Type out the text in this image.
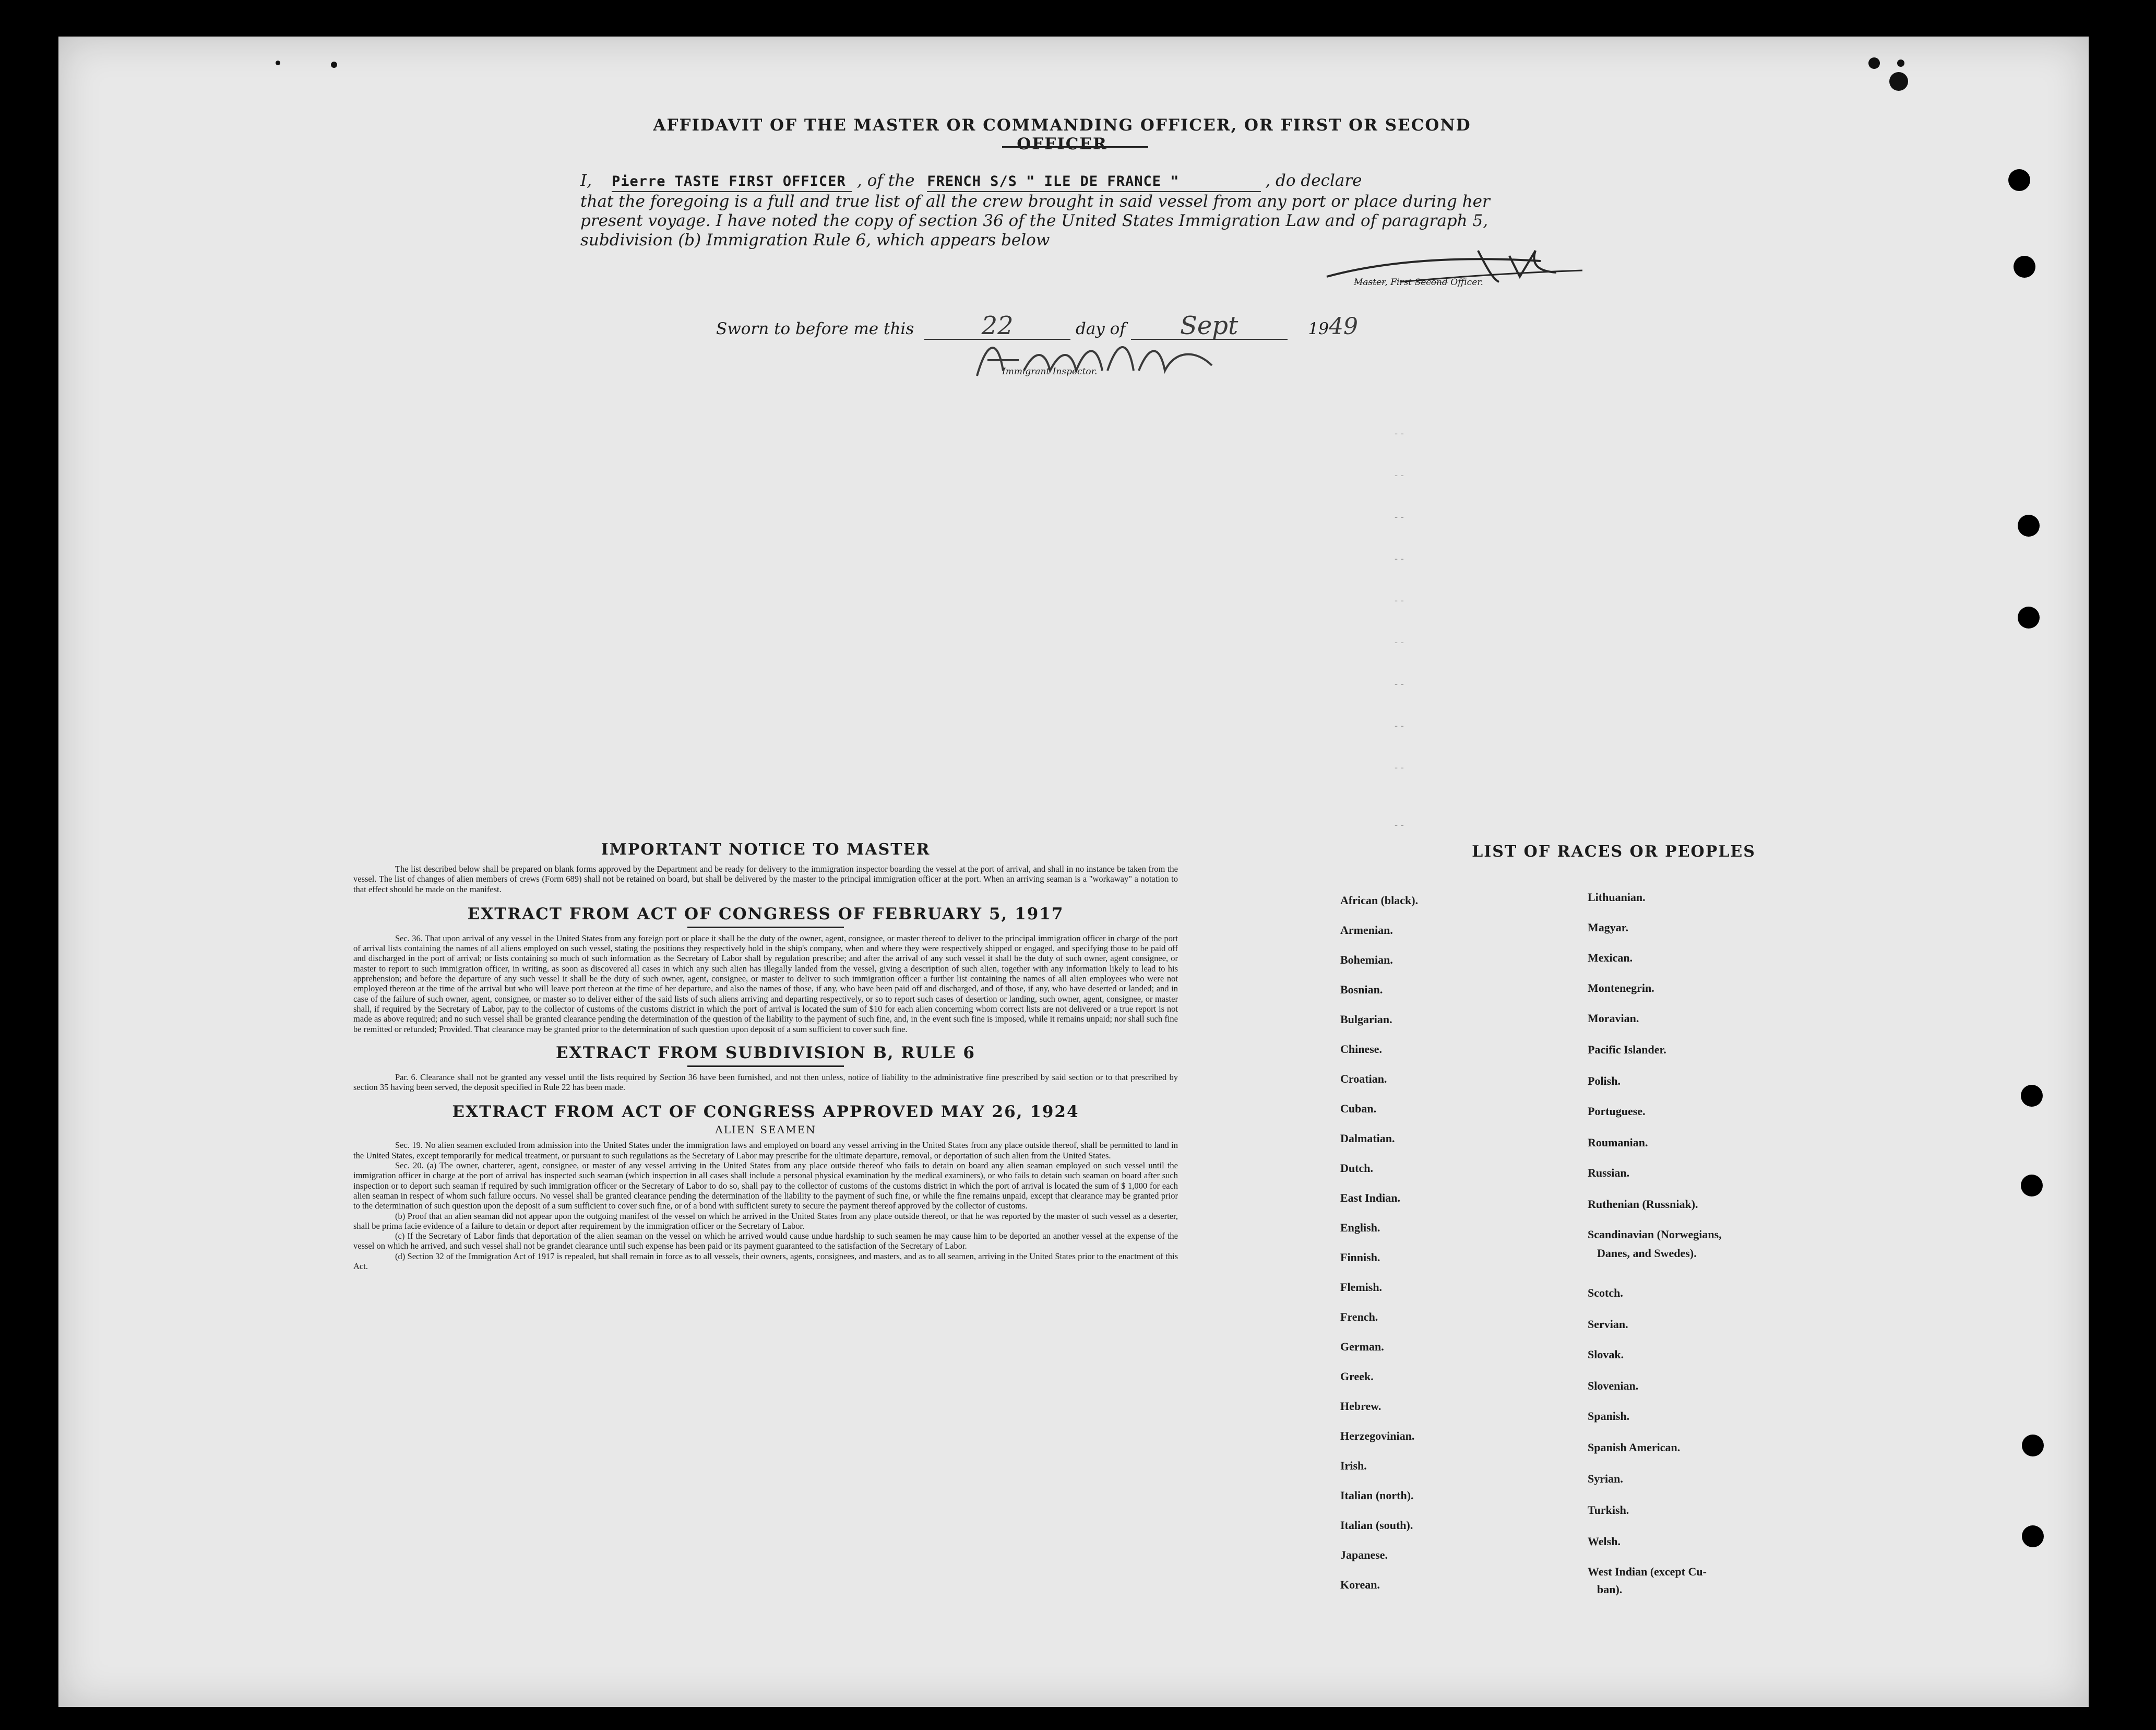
- -
- -
- -
- -
- -
- -
- -
- -
- -
- -
AFFIDAVIT OF THE MASTER OR COMMANDING OFFICER, OR FIRST OR SECOND OFFICER
I, Pierre TASTE FIRST OFFICER , of the FRENCH S/S " ILE DE FRANCE "	, do declare
that the foregoing is a full and true list of all the crew brought in said vessel from any port or place during her
present voyage. I have noted the copy of section 36 of the United States Immigration Law and of paragraph 5,
subdivision (b) Immigration Rule 6, which appears below
Master, First Second Officer.
Sworn to before me this	22	day of Sept	1949
Immigrant Inspector.
IMPORTANT NOTICE TO MASTER
The list described below shall be prepared on blank forms approved by the Department and be ready for delivery to the immigration inspector boarding the vessel at the port of arrival, and shall in no instance be taken from the vessel. The list of changes of alien members of crews (Form 689) shall not be retained on board, but shall be delivered by the master to the principal immigration officer at the port. When an arriving seaman is a "workaway" a notation to that effect should be made on the manifest.
EXTRACT FROM ACT OF CONGRESS OF FEBRUARY 5, 1917
Sec. 36. That upon arrival of any vessel in the United States from any foreign port or place it shall be the duty of the owner, agent, consignee, or master thereof to deliver to the principal immigration officer in charge of the port of arrival lists containing the names of all aliens employed on such vessel, stating the positions they respectively hold in the ship's company, when and where they were respectively shipped or engaged, and specifying those to be paid off and discharged in the port of arrival; or lists containing so much of such information as the Secretary of Labor shall by regulation prescribe; and after the arrival of any such vessel it shall be the duty of such owner, agent consignee, or master to report to such immigration officer, in writing, as soon as discovered all cases in which any such alien has illegally landed from the vessel, giving a description of such alien, together with any information likely to lead to his apprehension; and before the departure of any such vessel it shall be the duty of such owner, agent, consignee, or master to deliver to such immigration officer a further list containing the names of all alien employees who were not employed thereon at the time of the arrival but who will leave port thereon at the time of her departure, and also the names of those, if any, who have been paid off and discharged, and of those, if any, who have deserted or landed; and in case of the failure of such owner, agent, consignee, or master so to deliver either of the said lists of such aliens arriving and departing respectively, or so to report such cases of desertion or landing, such owner, agent, consignee, or master shall, if required by the Secretary of Labor, pay to the collector of customs of the customs district in which the port of arrival is located the sum of $10 for each alien concerning whom correct lists are not delivered or a true report is not made as above required; and no such vessel shall be granted clearance pending the determination of the question of the liability to the payment of such fine, and, in the event such fine is imposed, while it remains unpaid; nor shall such fine be remitted or refunded; Provided. That clearance may be granted prior to the determination of such question upon deposit of a sum sufficient to cover such fine.
EXTRACT FROM SUBDIVISION B, RULE 6
Par. 6. Clearance shall not be granted any vessel until the lists required by Section 36 have been furnished, and not then unless, notice of liability to the administrative fine prescribed by said section or to that prescribed by section 35 having been served, the deposit specified in Rule 22 has been made.
EXTRACT FROM ACT OF CONGRESS APPROVED MAY 26, 1924
ALIEN SEAMEN
Sec. 19. No alien seamen excluded from admission into the United States under the immigration laws and employed on board any vessel arriving in the United States from any place outside thereof, shall be permitted to land in the United States, except temporarily for medical treatment, or pursuant to such regulations as the Secretary of Labor may prescribe for the ultimate departure, removal, or deportation of such alien from the United States.
Sec. 20. (a) The owner, charterer, agent, consignee, or master of any vessel arriving in the United States from any place outside thereof who fails to detain on board any alien seaman employed on such vessel until the immigration officer in charge at the port of arrival has inspected such seaman (which inspection in all cases shall include a personal physical examination by the medical examiners), or who fails to detain such seaman on board after such inspection or to deport such seaman if required by such immigration officer or the Secretary of Labor to do so, shall pay to the collector of customs of the customs district in which the port of arrival is located the sum of $ 1,000 for each alien seaman in respect of whom such failure occurs. No vessel shall be granted clearance pending the determination of the liability to the payment of such fine, or while the fine remains unpaid, except that clearance may be granted prior to the determination of such question upon the deposit of a sum sufficient to cover such fine, or of a bond with sufficient surety to secure the payment thereof approved by the collector of customs.
(b) Proof that an alien seaman did not appear upon the outgoing manifest of the vessel on which he arrived in the United States from any place outside thereof, or that he was reported by the master of such vessel as a deserter, shall be prima facie evidence of a failure to detain or deport after requirement by the immigration officer or the Secretary of Labor.
(c) If the Secretary of Labor finds that deportation of the alien seaman on the vessel on which he arrived would cause undue hardship to such seamen he may cause him to be deported an another vessel at the expense of the vessel on which he arrived, and such vessel shall not be grandet clearance until such expense has been paid or its payment guaranteed to the satisfaction of the Secretary of Labor.
(d) Section 32 of the Immigration Act of 1917 is repealed, but shall remain in force as to all vessels, their owners, agents, consignees, and masters, and as to all seamen, arriving in the United States prior to the enactment of this Act.
LIST OF RACES OR PEOPLES
African (black).
Armenian.
Bohemian.
Bosnian.
Bulgarian.
Chinese.
Croatian.
Cuban.
Dalmatian.
Dutch.
East Indian.
English.
Finnish.
Flemish.
French.
German.
Greek.
Hebrew.
Herzegovinian.
Irish.
Italian (north).
Italian (south).
Japanese.
Korean.
Lithuanian.
Magyar.
Mexican.
Montenegrin.
Moravian.
Pacific Islander.
Polish.
Portuguese.
Roumanian.
Russian.
Ruthenian (Russniak).
Scandinavian (Norwegians,
Danes, and Swedes).
Scotch.
Servian.
Slovak.
Slovenian.
Spanish.
Spanish American.
Syrian.
Turkish.
Welsh.
West Indian (except Cu-
ban).
